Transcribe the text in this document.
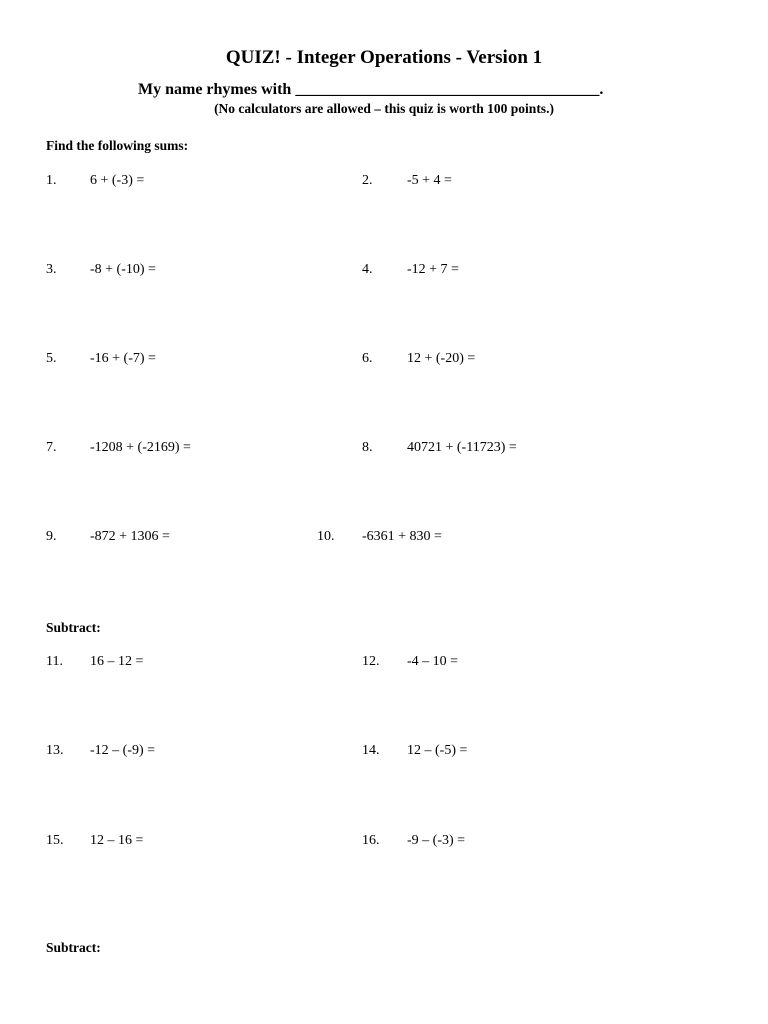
QUIZ! - Integer Operations - Version 1
My name rhymes with ______________________________________.
(No calculators are allowed – this quiz is worth 100 points.)
Find the following sums:
1. 6 + (-3) =	2. -5 + 4 =
3. -8 + (-10) =	4. -12 + 7 =
5. -16 + (-7) =	6. 12 + (-20) =
7. -1208 + (-2169) =	8. 40721 + (-11723) =
9. -872 + 1306 =	10. -6361 + 830 =
Subtract:
11. 16 – 12 =	12. -4 – 10 =
13. -12 – (-9) =	14. 12 – (-5) =
15. 12 – 16 =	16. -9 – (-3) =
Subtract:
